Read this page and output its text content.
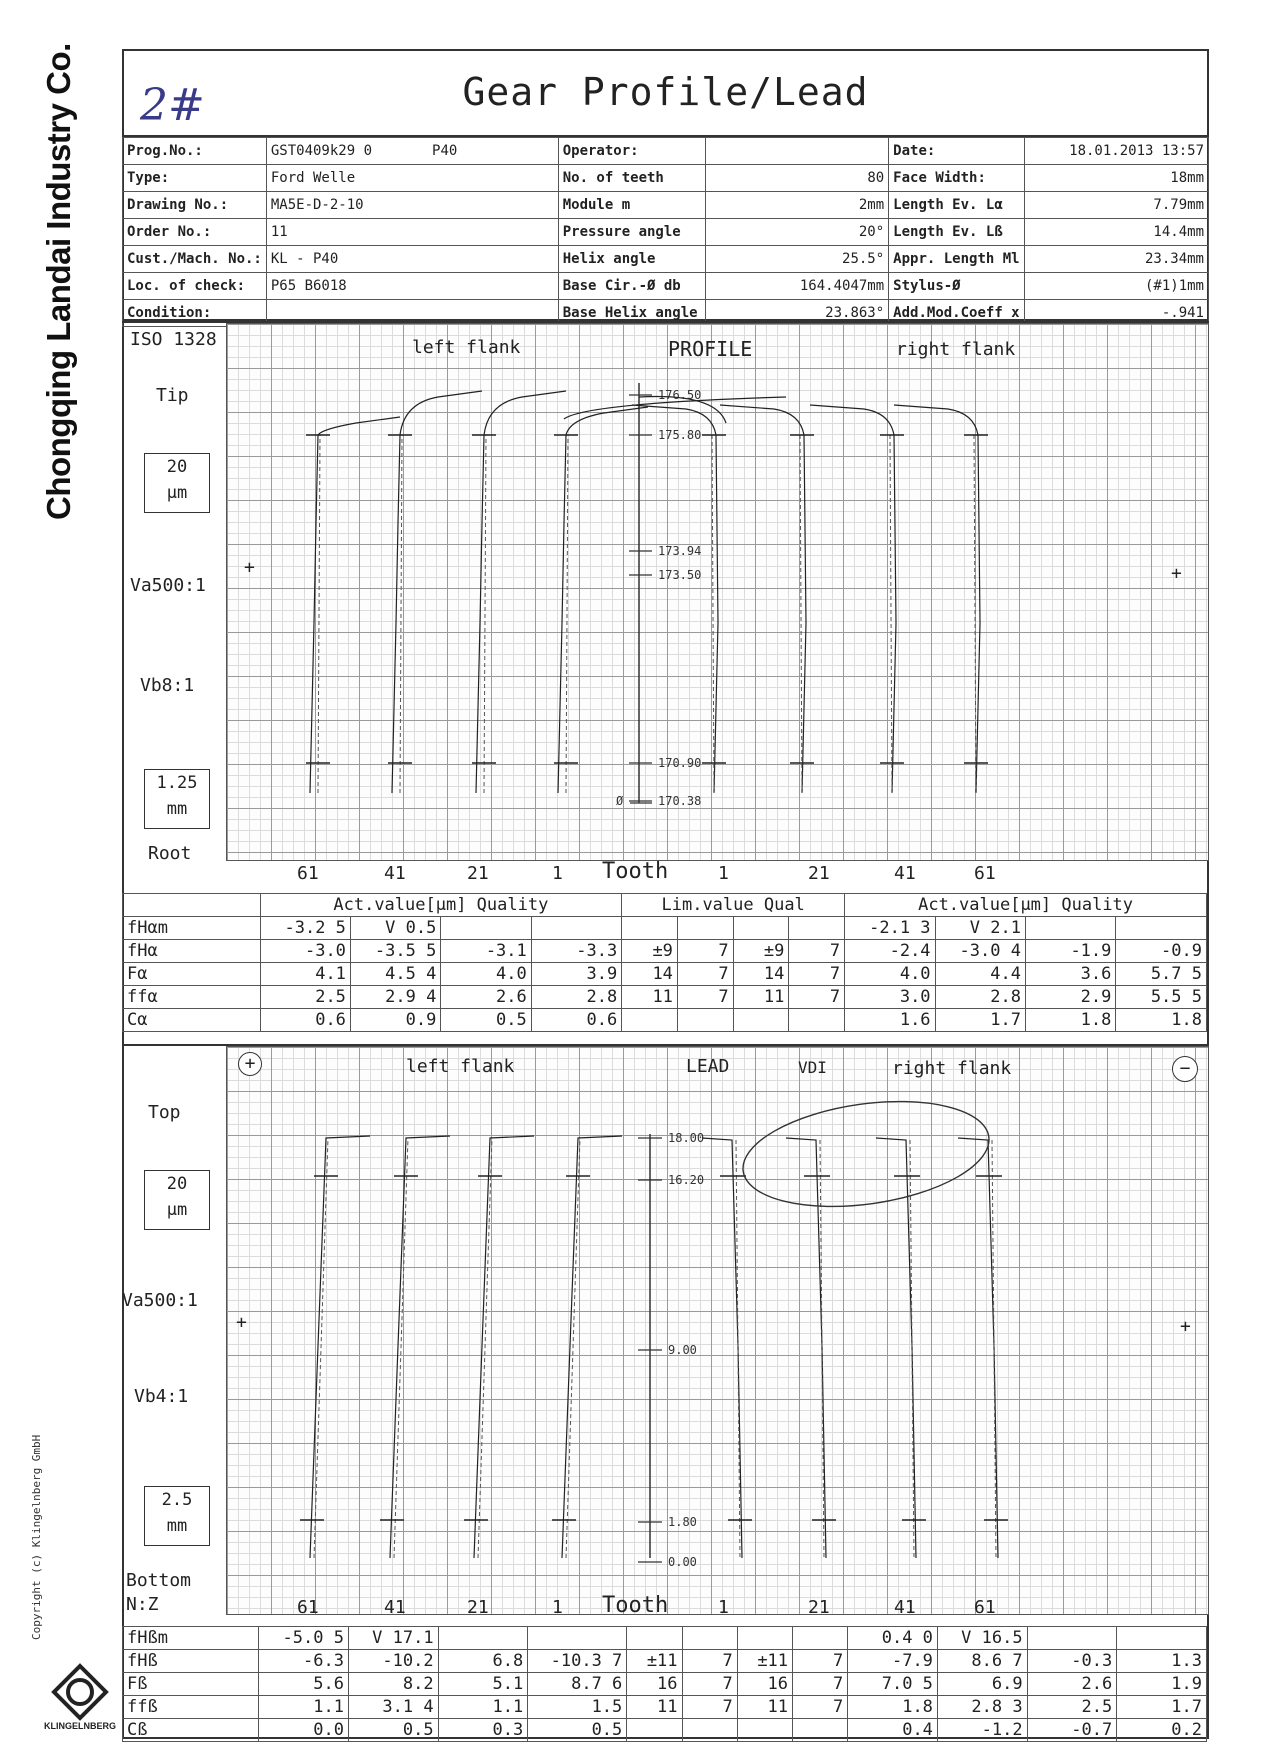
Chongqing Landai Industry Co.
Copyright (c) Klingelnberg GmbH
KLINGELNBERG
2#	Gear Profile/Lead
Prog.No.:	GST0409k29 0 P40	Operator:		Date:	18.01.2013 13:57
Type:	Ford Welle	No. of teeth	80	Face Width:	18mm
Drawing No.:	MA5E-D-2-10	Module m	2mm	Length Ev. Lα	7.79mm
Order No.:	11	Pressure angle	20°	Length Ev. Lß	14.4mm
Cust./Mach. No.:	KL - P40	Helix angle	25.5°	Appr. Length Ml	23.34mm
Loc. of check:	P65 B6018	Base Cir.-Ø db	164.4047mm	Stylus-Ø	(#1)1mm
Condition:		Base Helix angle	23.863°	Add.Mod.Coeff x	-.941
ISO 1328
Tip
20
µm
Va500:1
Vb8:1
1.25
mm
Root
left flank	PROFILE	right flank
176.50
175.80
173.94
173.50
170.90
170.38
Ø
+	+
61	41	21	1	1	21	41	61
Tooth
	Act.value[µm] Quality				Lim.value Qual				Act.value[µm] Quality			
fHαm	-3.2 5	V 0.5							-2.1 3	V 2.1		
fHα	-3.0	-3.5 5	-3.1	-3.3	±9	7	±9	7	-2.4	-3.0 4	-1.9	-0.9
Fα	4.1	4.5 4	4.0	3.9	14	7	14	7	4.0	4.4	3.6	5.7 5
ffα	2.5	2.9 4	2.6	2.8	11	7	11	7	3.0	2.8	2.9	5.5 5
Cα	0.6	0.9	0.5	0.6					1.6	1.7	1.8	1.8
Top
20
µm
Va500:1
Vb4:1
2.5
mm
Bottom
N:Z
+	−
left flank	LEAD	VDI	right flank
18.00
16.20
9.00
1.80
0.00
+	+
61	41	21	1	1	21	41	61
Tooth
fHßm	-5.0 5	V 17.1							0.4 0	V 16.5		
fHß	-6.3	-10.2	6.8	-10.3 7	±11	7	±11	7	-7.9	8.6 7	-0.3	1.3
Fß	5.6	8.2	5.1	8.7 6	16	7	16	7	7.0 5	6.9	2.6	1.9
ffß	1.1	3.1 4	1.1	1.5	11	7	11	7	1.8	2.8 3	2.5	1.7
Cß	0.0	0.5	0.3	0.5					0.4	-1.2	-0.7	0.2
